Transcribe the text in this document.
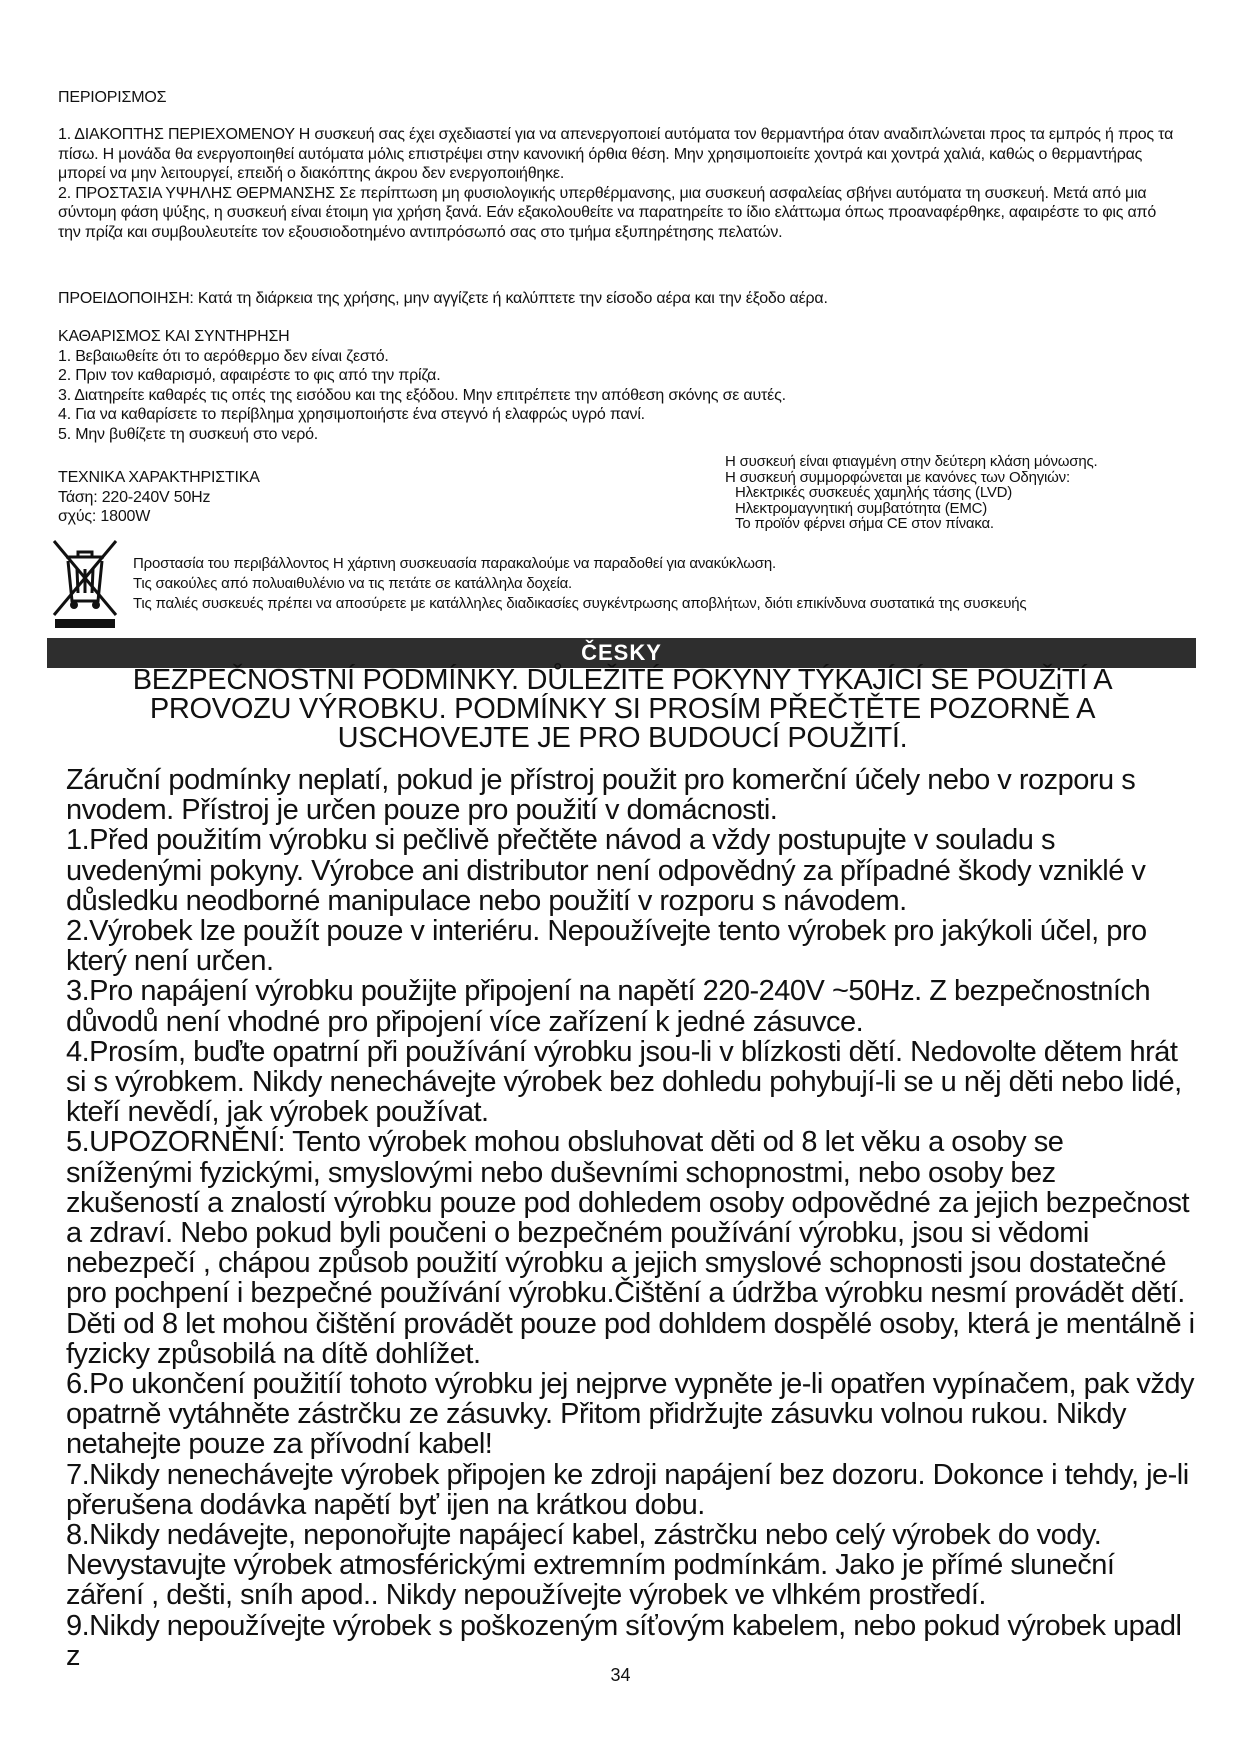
ΠΕΡΙΟΡΙΣΜΟΣ

1. ΔΙΑΚΟΠΤΗΣ ΠΕΡΙΕΧΟΜΕΝΟΥ Η συσκευή σας έχει σχεδιαστεί για να απενεργοποιεί αυτόματα τον θερμαντήρα όταν αναδιπλώνεται προς τα εμπρός ή προς τα πίσω. Η μονάδα θα ενεργοποιηθεί αυτόματα μόλις επιστρέψει στην κανονική όρθια θέση. Μην χρησιμοποιείτε χοντρά και χοντρά χαλιά, καθώς ο θερμαντήρας μπορεί να μην λειτουργεί, επειδή ο διακόπτης άκρου δεν ενεργοποιήθηκε.

2. ΠΡΟΣΤΑΣΙΑ ΥΨΗΛΗΣ ΘΕΡΜΑΝΣΗΣ Σε περίπτωση μη φυσιολογικής υπερθέρμανσης, μια συσκευή ασφαλείας σβήνει αυτόματα τη συσκευή. Μετά από μια σύντομη φάση ψύξης, η συσκευή είναι έτοιμη για χρήση ξανά. Εάν εξακολουθείτε να παρατηρείτε το ίδιο ελάττωμα όπως προαναφέρθηκε, αφαιρέστε το φις από την πρίζα και συμβουλευτείτε τον εξουσιοδοτημένο αντιπρόσωπό σας στο τμήμα εξυπηρέτησης πελατών.

ΠΡΟΕΙΔΟΠΟΙΗΣΗ: Κατά τη διάρκεια της χρήσης, μην αγγίζετε ή καλύπτετε την είσοδο αέρα και την έξοδο αέρα.

ΚΑΘΑΡΙΣΜΟΣ ΚΑΙ ΣΥΝΤΗΡΗΣΗ

1. Βεβαιωθείτε ότι το αερόθερμο δεν είναι ζεστό.

2. Πριν τον καθαρισμό, αφαιρέστε το φις από την πρίζα.

3. Διατηρείτε καθαρές τις οπές της εισόδου και της εξόδου. Μην επιτρέπετε την απόθεση σκόνης σε αυτές.

4. Για να καθαρίσετε το περίβλημα χρησιμοποιήστε ένα στεγνό ή ελαφρώς υγρό πανί.

5. Μην βυθίζετε τη συσκευή στο νερό.

ΤΕΧΝΙΚΑ ΧΑΡΑΚΤΗΡΙΣΤΙΚΑ

Τάση: 220-240V 50Hz

σχύς: 1800W

Η συσκευή είναι φτιαγμένη στην δεύτερη κλάση μόνωσης.

Η συσκευή συμμορφώνεται με κανόνες των Οδηγιών:

Ηλεκτρικές συσκευές χαμηλής τάσης (LVD)

Ηλεκτρομαγνητική συμβατότητα (EMC)

Το προϊόν φέρνει σήμα CE στον πίνακα.

Προστασία του περιβάλλοντος Η χάρτινη συσκευασία παρακαλούμε να παραδοθεί για ανακύκλωση.

Τις σακούλες από πολυαιθυλένιο να τις πετάτε σε κατάλληλα δοχεία.

Τις παλιές συσκευές πρέπει να αποσύρετε με κατάλληλες διαδικασίες συγκέντρωσης αποβλήτων, διότι επικίνδυνα συστατικά της συσκευής

ČESKY
BEZPEČNOSTNÍ PODMÍNKY. DŮLEŽITÉ POKYNY TÝKAJÍCÍ SE POUŽiTÍ A PROVOZU VÝROBKU. PODMÍNKY SI PROSÍM PŘEČTĚTE POZORNĚ A USCHOVEJTE JE PRO BUDOUCÍ POUŽITÍ.

Záruční podmínky neplatí, pokud je přístroj použit pro komerční účely nebo v rozporu s nvodem. Přístroj je určen pouze pro použití v domácnosti.

1.Před použitím výrobku si pečlivě přečtěte návod a vždy postupujte v souladu s uvedenými pokyny. Výrobce ani distributor není odpovědný za případné škody vzniklé v důsledku neodborné manipulace nebo použití v rozporu s návodem.

2.Výrobek lze použít pouze v interiéru. Nepoužívejte tento výrobek pro jakýkoli účel, pro který není určen.

3.Pro napájení výrobku použijte připojení na napětí 220-240V ~50Hz. Z bezpečnostních důvodů není vhodné pro připojení více zařízení k jedné zásuvce.

4.Prosím, buďte opatrní při používání výrobku jsou-li v blízkosti dětí. Nedovolte dětem hrát si s výrobkem. Nikdy nenechávejte výrobek bez dohledu pohybují-li se u něj děti nebo lidé, kteří nevědí, jak výrobek používat.

5.UPOZORNĚNÍ: Tento výrobek mohou obsluhovat děti od 8 let věku a osoby se sníženými fyzickými, smyslovými nebo duševními schopnostmi, nebo osoby bez zkušeností a znalostí výrobku pouze pod dohledem osoby odpovědné za jejich bezpečnost a zdraví. Nebo pokud byli poučeni o bezpečném používání výrobku, jsou si vědomi nebezpečí , chápou způsob použití výrobku a jejich smyslové schopnosti jsou dostatečné pro pochpení i bezpečné používání výrobku.Čištění a údržba výrobku nesmí provádět dětí. Děti od 8 let mohou čištění provádět pouze pod dohldem dospělé osoby, která je mentálně i fyzicky způsobilá na dítě dohlížet.

6.Po ukončení použitíí tohoto výrobku jej nejprve vypněte je-li opatřen vypínačem, pak vždy opatrně vytáhněte zástrčku ze zásuvky. Přitom přidržujte zásuvku volnou rukou. Nikdy netahejte pouze za přívodní kabel!

7.Nikdy nenechávejte výrobek připojen ke zdroji napájení bez dozoru. Dokonce i tehdy, je-li přerušena dodávka napětí byť ijen na krátkou dobu.

8.Nikdy nedávejte, neponořujte napájecí kabel, zástrčku nebo celý výrobek do vody. Nevystavujte výrobek atmosférickými extremním podmínkám. Jako je přímé sluneční záření , dešti, sníh apod.. Nikdy nepoužívejte výrobek ve vlhkém prostředí.

9.Nikdy nepoužívejte výrobek s poškozeným síťovým kabelem, nebo pokud výrobek upadl z

34
